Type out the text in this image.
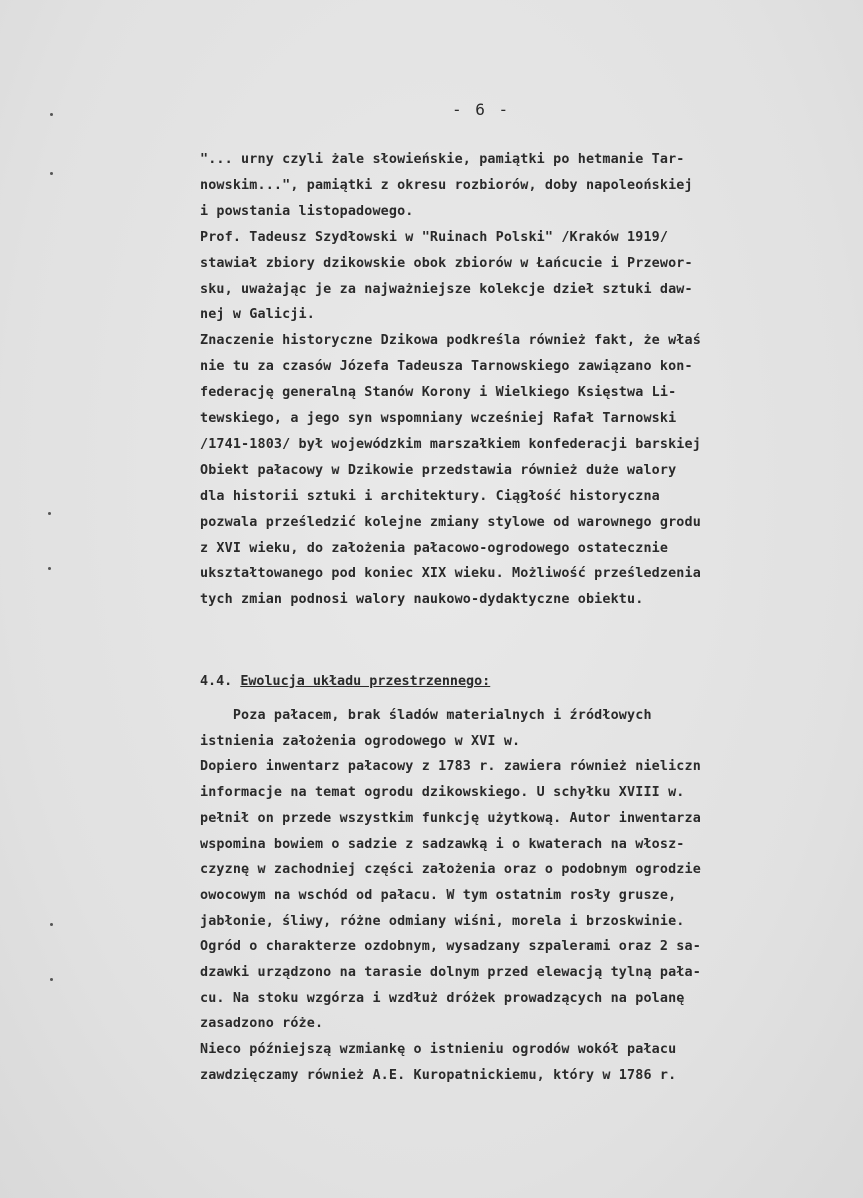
- 6 -
"... urny czyli żale słowieńskie, pamiątki po hetmanie Tar-
nowskim...", pamiątki z okresu rozbiorów, doby napoleońskiej
i powstania listopadowego.
Prof. Tadeusz Szydłowski w "Ruinach Polski" /Kraków 1919/
stawiał zbiory dzikowskie obok zbiorów w Łańcucie i Przewor-
sku, uważając je za najważniejsze kolekcje dzieł sztuki daw-
nej w Galicji.
Znaczenie historyczne Dzikowa podkreśla również fakt, że właś
nie tu za czasów Józefa Tadeusza Tarnowskiego zawiązano kon-
federację generalną Stanów Korony i Wielkiego Księstwa Li-
tewskiego, a jego syn wspomniany wcześniej Rafał Tarnowski
/1741-1803/ był wojewódzkim marszałkiem konfederacji barskiej
Obiekt pałacowy w Dzikowie przedstawia również duże walory
dla historii sztuki i architektury. Ciągłość historyczna
pozwala prześledzić kolejne zmiany stylowe od warownego grodu
z XVI wieku, do założenia pałacowo-ogrodowego ostatecznie
ukształtowanego pod koniec XIX wieku. Możliwość prześledzenia
tych zmian podnosi walory naukowo-dydaktyczne obiektu.
4.4. Ewolucja układu przestrzennego:
Poza pałacem, brak śladów materialnych i źródłowych
istnienia założenia ogrodowego w XVI w.
Dopiero inwentarz pałacowy z 1783 r. zawiera również nieliczn
informacje na temat ogrodu dzikowskiego. U schyłku XVIII w.
pełnił on przede wszystkim funkcję użytkową. Autor inwentarza
wspomina bowiem o sadzie z sadzawką i o kwaterach na włosz-
czyznę w zachodniej części założenia oraz o podobnym ogrodzie
owocowym na wschód od pałacu. W tym ostatnim rosły grusze,
jabłonie, śliwy, różne odmiany wiśni, morela i brzoskwinie.
Ogród o charakterze ozdobnym, wysadzany szpalerami oraz 2 sa-
dzawki urządzono na tarasie dolnym przed elewacją tylną pała-
cu. Na stoku wzgórza i wzdłuż dróżek prowadzących na polanę
zasadzono róże.
Nieco późniejszą wzmiankę o istnieniu ogrodów wokół pałacu
zawdzięczamy również A.E. Kuropatnickiemu, który w 1786 r.
